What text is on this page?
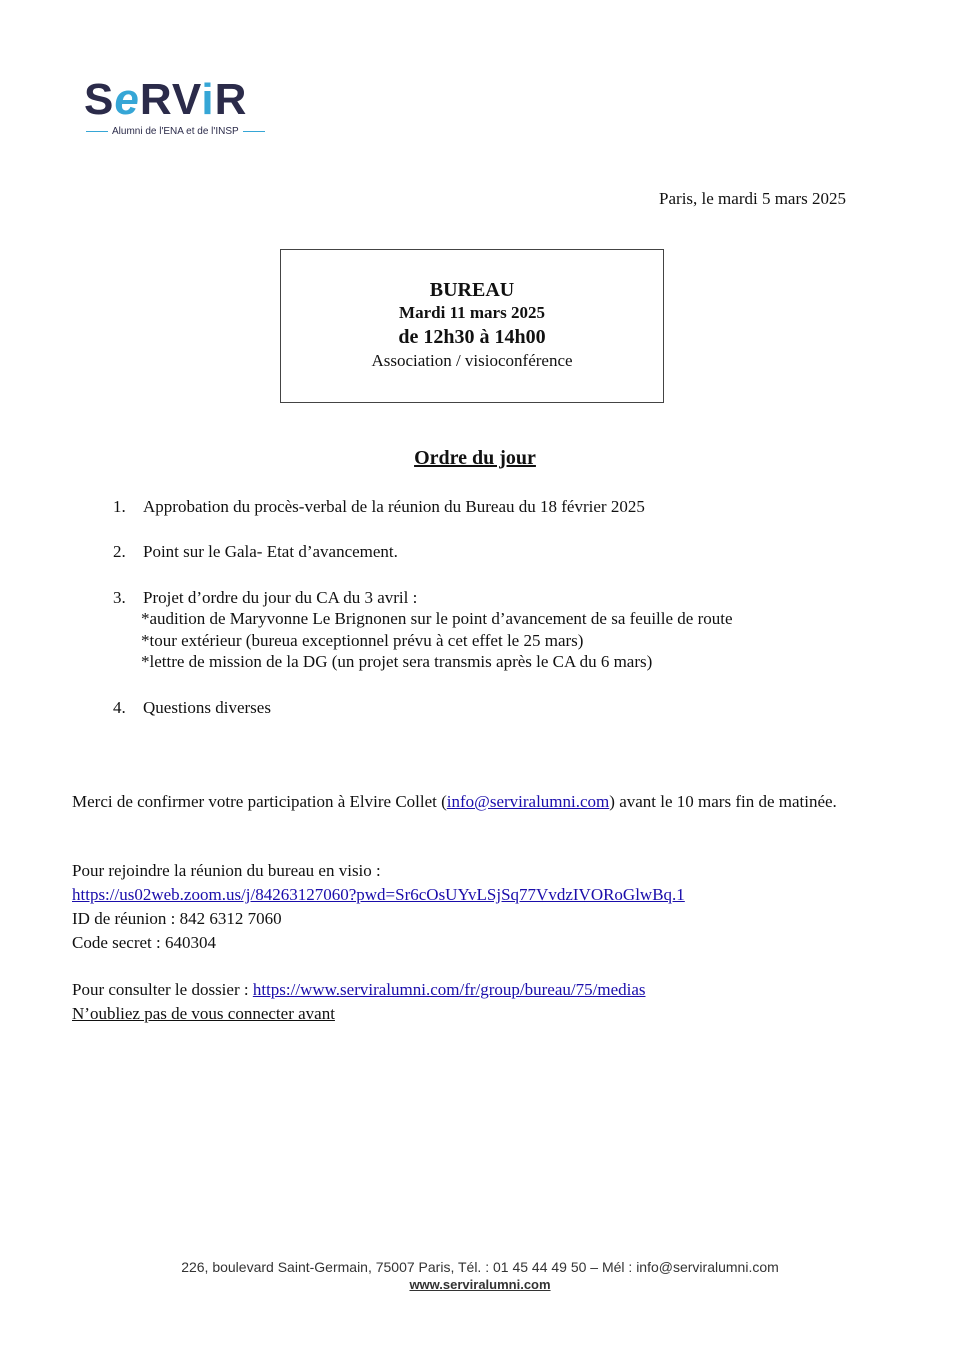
SeRViR
Alumni de l'ENA et de l'INSP
Paris, le mardi 5 mars 2025
BUREAU
Mardi 11 mars 2025
de 12h30 à 14h00
Association / visioconférence
Ordre du jour
1. Approbation du procès-verbal de la réunion du Bureau du 18 février 2025
2. Point sur le Gala- Etat d’avancement.
3. Projet d’ordre du jour du CA du 3 avril :
*audition de Maryvonne Le Brignonen sur le point d’avancement de sa feuille de route
*tour extérieur (bureua exceptionnel prévu à cet effet le 25 mars)
*lettre de mission de la DG (un projet sera transmis après le CA du 6 mars)
4. Questions diverses
Merci de confirmer votre participation à Elvire Collet (info@serviralumni.com) avant le 10 mars fin de matinée.
Pour rejoindre la réunion du bureau en visio :
https://us02web.zoom.us/j/84263127060?pwd=Sr6cOsUYvLSjSq77VvdzIVORoGlwBq.1
ID de réunion : 842 6312 7060
Code secret : 640304
Pour consulter le dossier : https://www.serviralumni.com/fr/group/bureau/75/medias
N’oubliez pas de vous connecter avant
226, boulevard Saint-Germain, 75007 Paris, Tél. : 01 45 44 49 50 – Mél : info@serviralumni.com
www.serviralumni.com
